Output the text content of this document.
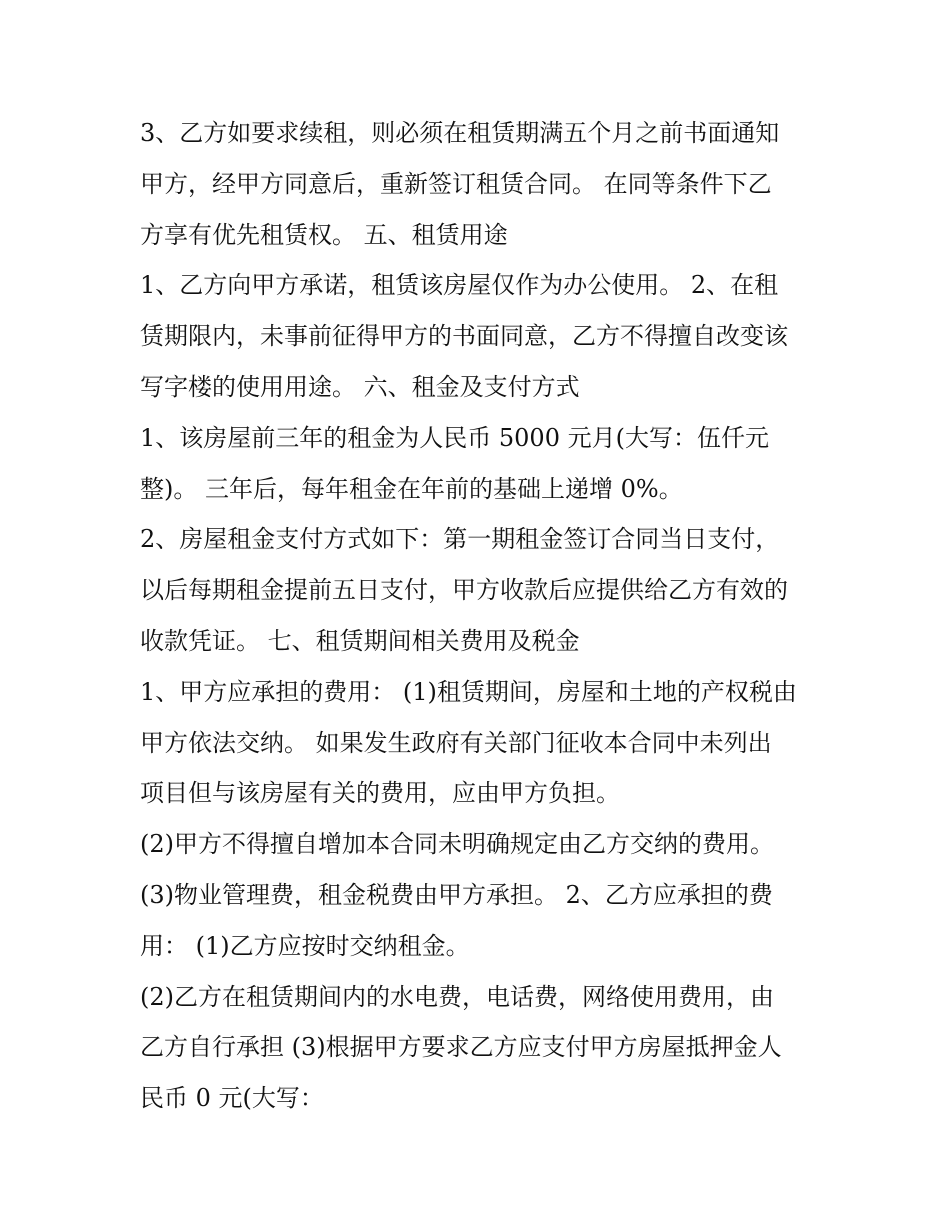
3、乙方如要求续租，则必须在租赁期满五个月之前书面通知
甲方，经甲方同意后，重新签订租赁合同。 在同等条件下乙
方享有优先租赁权。 五、租赁用途
1、乙方向甲方承诺，租赁该房屋仅作为办公使用。 2、在租
赁期限内，未事前征得甲方的书面同意，乙方不得擅自改变该
写字楼的使用用途。 六、租金及支付方式
1、该房屋前三年的租金为人民币 5000 元月(大写：伍仟元
整)。 三年后，每年租金在年前的基础上递增 0%。
2、房屋租金支付方式如下：第一期租金签订合同当日支付，
以后每期租金提前五日支付，甲方收款后应提供给乙方有效的
收款凭证。 七、租赁期间相关费用及税金
1、甲方应承担的费用： (1)租赁期间，房屋和土地的产权税由
甲方依法交纳。 如果发生政府有关部门征收本合同中未列出
项目但与该房屋有关的费用，应由甲方负担。
(2)甲方不得擅自增加本合同未明确规定由乙方交纳的费用。
(3)物业管理费，租金税费由甲方承担。 2、乙方应承担的费
用： (1)乙方应按时交纳租金。
(2)乙方在租赁期间内的水电费，电话费，网络使用费用，由
乙方自行承担 (3)根据甲方要求乙方应支付甲方房屋抵押金人
民币 0 元(大写：
